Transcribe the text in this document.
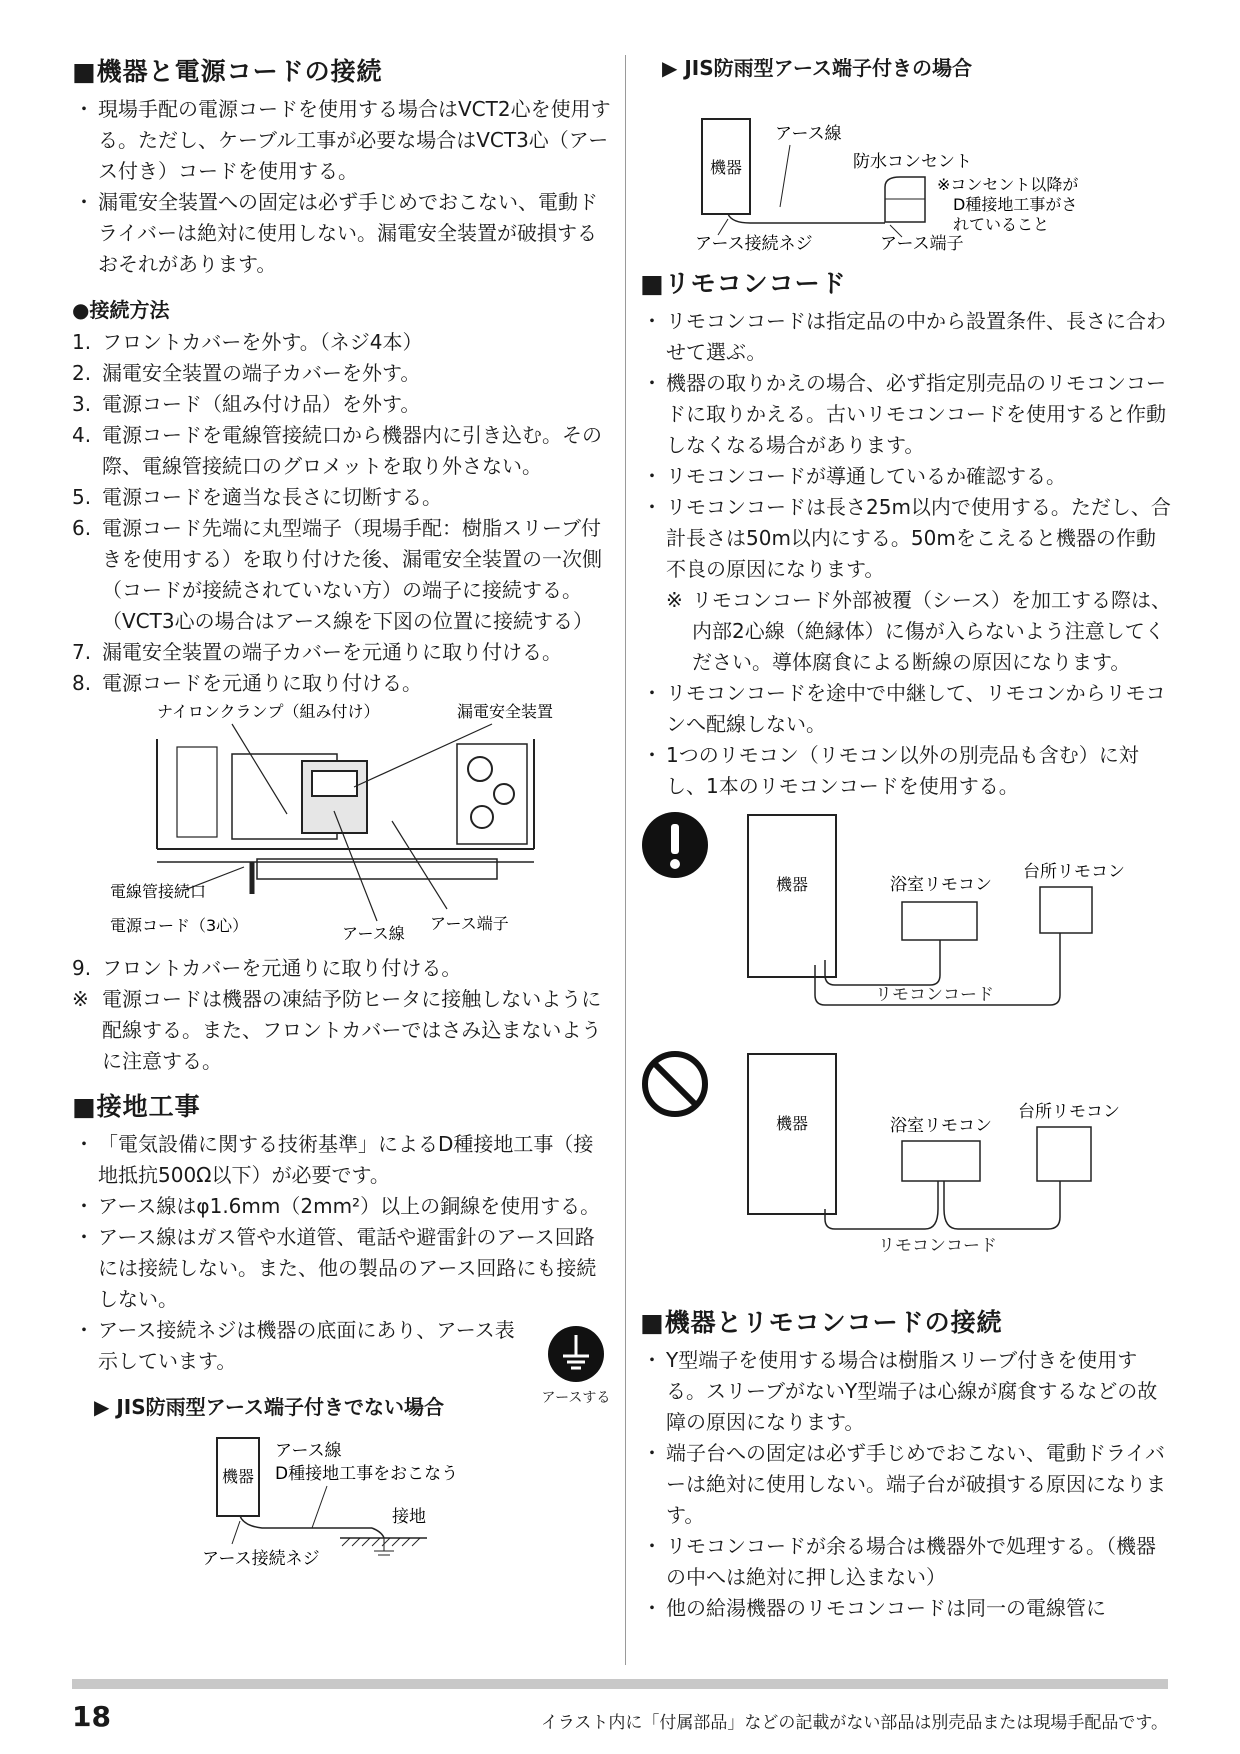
■機器と電源コードの接続
・ 現場手配の電源コードを使用する場合はVCT2心を使用する。ただし、ケーブル工事が必要な場合はVCT3心（アース付き）コードを使用する。
・ 漏電安全装置への固定は必ず手じめでおこない、電動ドライバーは絶対に使用しない。漏電安全装置が破損するおそれがあります。
●接続方法
1. フロントカバーを外す。（ネジ4本）
2. 漏電安全装置の端子カバーを外す。
3. 電源コード（組み付け品）を外す。
4. 電源コードを電線管接続口から機器内に引き込む。その際、電線管接続口のグロメットを取り外さない。
5. 電源コードを適当な長さに切断する。
6. 電源コード先端に丸型端子（現場手配：樹脂スリーブ付きを使用する）を取り付けた後、漏電安全装置の一次側（コードが接続されていない方）の端子に接続する。（VCT3心の場合はアース線を下図の位置に接続する）
7. 漏電安全装置の端子カバーを元通りに取り付ける。
8. 電源コードを元通りに取り付ける。
ナイロンクランプ（組み付け）	漏電安全装置
電線管接続口
電源コード（3心）	アース線
アース端子
9. フロントカバーを元通りに取り付ける。
※ 電源コードは機器の凍結予防ヒータに接触しないように配線する。また、フロントカバーではさみ込まないように注意する。
■接地工事
・ 「電気設備に関する技術基準」によるD種接地工事（接地抵抗500Ω以下）が必要です。
・ アース線はφ1.6mm（2mm²）以上の銅線を使用する。
・ アース線はガス管や水道管、電話や避雷針のアース回路には接続しない。また、他の製品のアース回路にも接続しない。
・ アース接続ネジは機器の底面にあり、アース表示しています。
アースする
▶ JIS防雨型アース端子付きでない場合
機器
アース線
D種接地工事をおこなう
接地
アース接続ネジ
▶ JIS防雨型アース端子付きの場合
機器
アース線
防水コンセント
※コンセント以降が
D種接地工事がさ
れていること
アース接続ネジ	アース端子
■リモコンコード
・ リモコンコードは指定品の中から設置条件、長さに合わせて選ぶ。
・ 機器の取りかえの場合、必ず指定別売品のリモコンコードに取りかえる。古いリモコンコードを使用すると作動しなくなる場合があります。
・ リモコンコードが導通しているか確認する。
・ リモコンコードは長さ25m以内で使用する。ただし、合計長さは50m以内にする。50mをこえると機器の作動不良の原因になります。
※ リモコンコード外部被覆（シース）を加工する際は、内部2心線（絶縁体）に傷が入らないよう注意してください。導体腐食による断線の原因になります。
・ リモコンコードを途中で中継して、リモコンからリモコンへ配線しない。
・ 1つのリモコン（リモコン以外の別売品も含む）に対し、1本のリモコンコードを使用する。
機器	浴室リモコン
台所リモコン
リモコンコード

機器	浴室リモコン
台所リモコン
リモコンコード
■機器とリモコンコードの接続
・ Y型端子を使用する場合は樹脂スリーブ付きを使用する。スリーブがないY型端子は心線が腐食するなどの故障の原因になります。
・ 端子台への固定は必ず手じめでおこない、電動ドライバーは絶対に使用しない。端子台が破損する原因になります。
・ リモコンコードが余る場合は機器外で処理する。（機器の中へは絶対に押し込まない）
・ 他の給湯機器のリモコンコードは同一の電線管に
18	イラスト内に「付属部品」などの記載がない部品は別売品または現場手配品です。
